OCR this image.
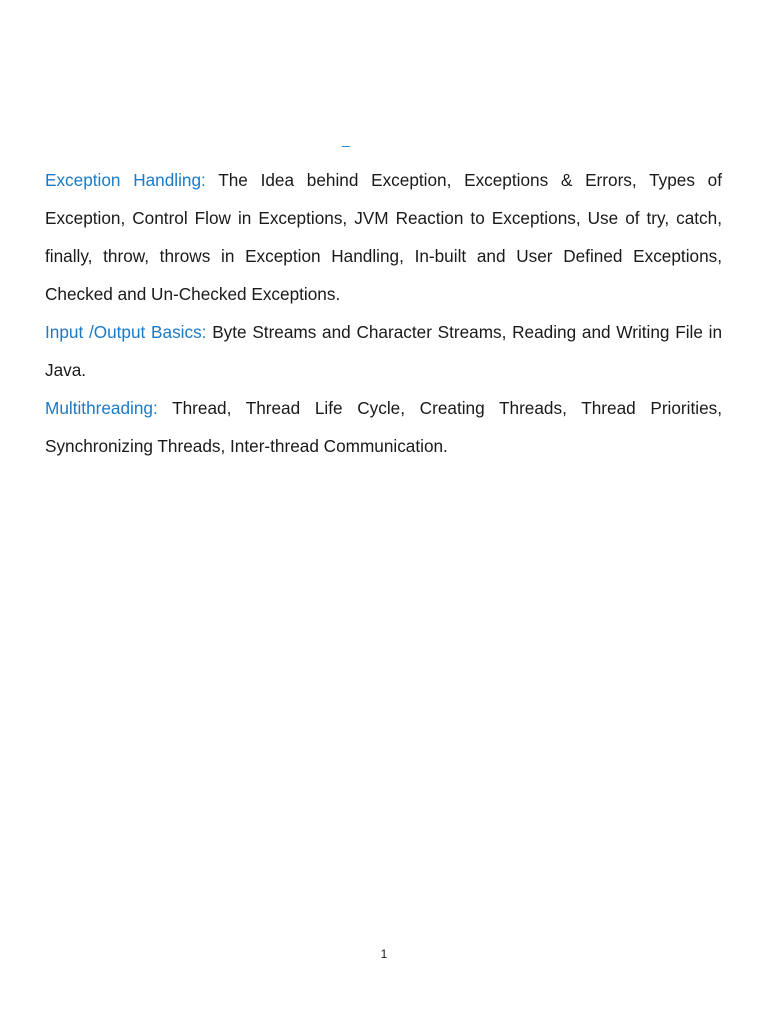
_

Exception Handling: The Idea behind Exception, Exceptions & Errors, Types of Exception, Control Flow in Exceptions, JVM Reaction to Exceptions, Use of try, catch, finally, throw, throws in Exception Handling, In-built and User Defined Exceptions, Checked and Un-Checked Exceptions.

Input /Output Basics: Byte Streams and Character Streams, Reading and Writing File in Java.

Multithreading: Thread, Thread Life Cycle, Creating Threads, Thread Priorities, Synchronizing Threads, Inter-thread Communication.

1
